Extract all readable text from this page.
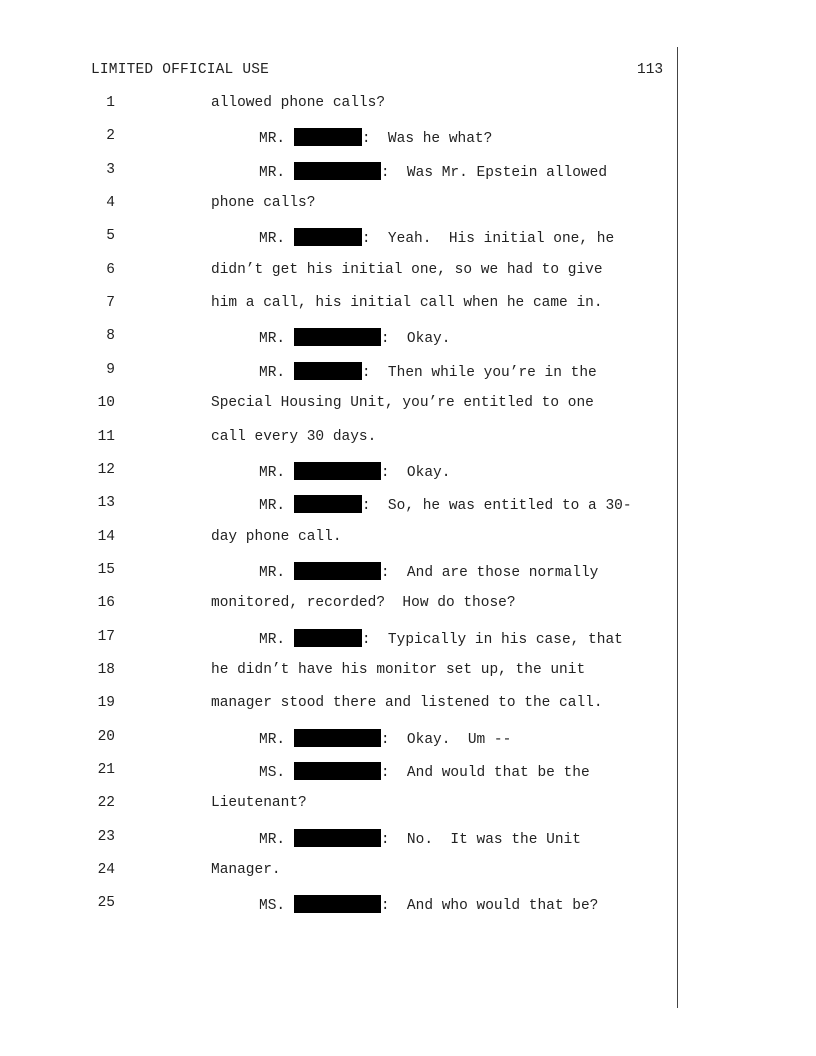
LIMITED OFFICIAL USE	113
1	allowed phone calls?
2	MR.	:  Was he what?
3	MR.	:  Was Mr. Epstein allowed
4	phone calls?
5	MR.	:  Yeah.  His initial one, he
6	didn’t get his initial one, so we had to give
7	him a call, his initial call when he came in.
8	MR.	:  Okay.
9	MR.	:  Then while you’re in the
10	Special Housing Unit, you’re entitled to one
11	call every 30 days.
12	MR.	:  Okay.
13	MR.	:  So, he was entitled to a 30-
14	day phone call.
15	MR.	:  And are those normally
16	monitored, recorded?  How do those?
17	MR.	:  Typically in his case, that
18	he didn’t have his monitor set up, the unit
19	manager stood there and listened to the call.
20	MR.	:  Okay.  Um --
21	MS.	:  And would that be the
22	Lieutenant?
23	MR.	:  No.  It was the Unit
24	Manager.
25	MS.	:  And who would that be?
